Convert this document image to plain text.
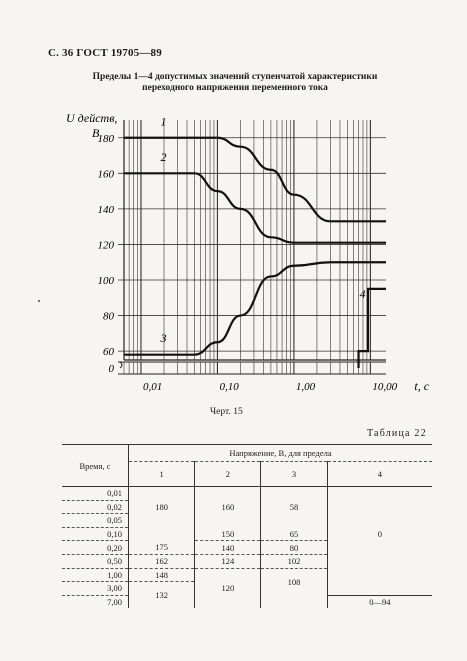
С. 36 ГОСТ 19705—89
Пределы 1—4 допустимых значений ступенчатой характеристики
переходного напряжения переменного тока
180
160
140
120
100
80
60
0
0,01	0,10	1,00	10,00 t, с
U действ,
В
1
2
3
4
Черт. 15
Таблица 22
Время, с	Напряжение, В, для предела			
	1	2	3	4
0,01	180	160	58	0
0,02				
0,05				
0,10		150	65	
0,20	175	140	80	
0,50	162	124	102	
1,00	148	120	108	
3,00	132			
7,00				0—94
